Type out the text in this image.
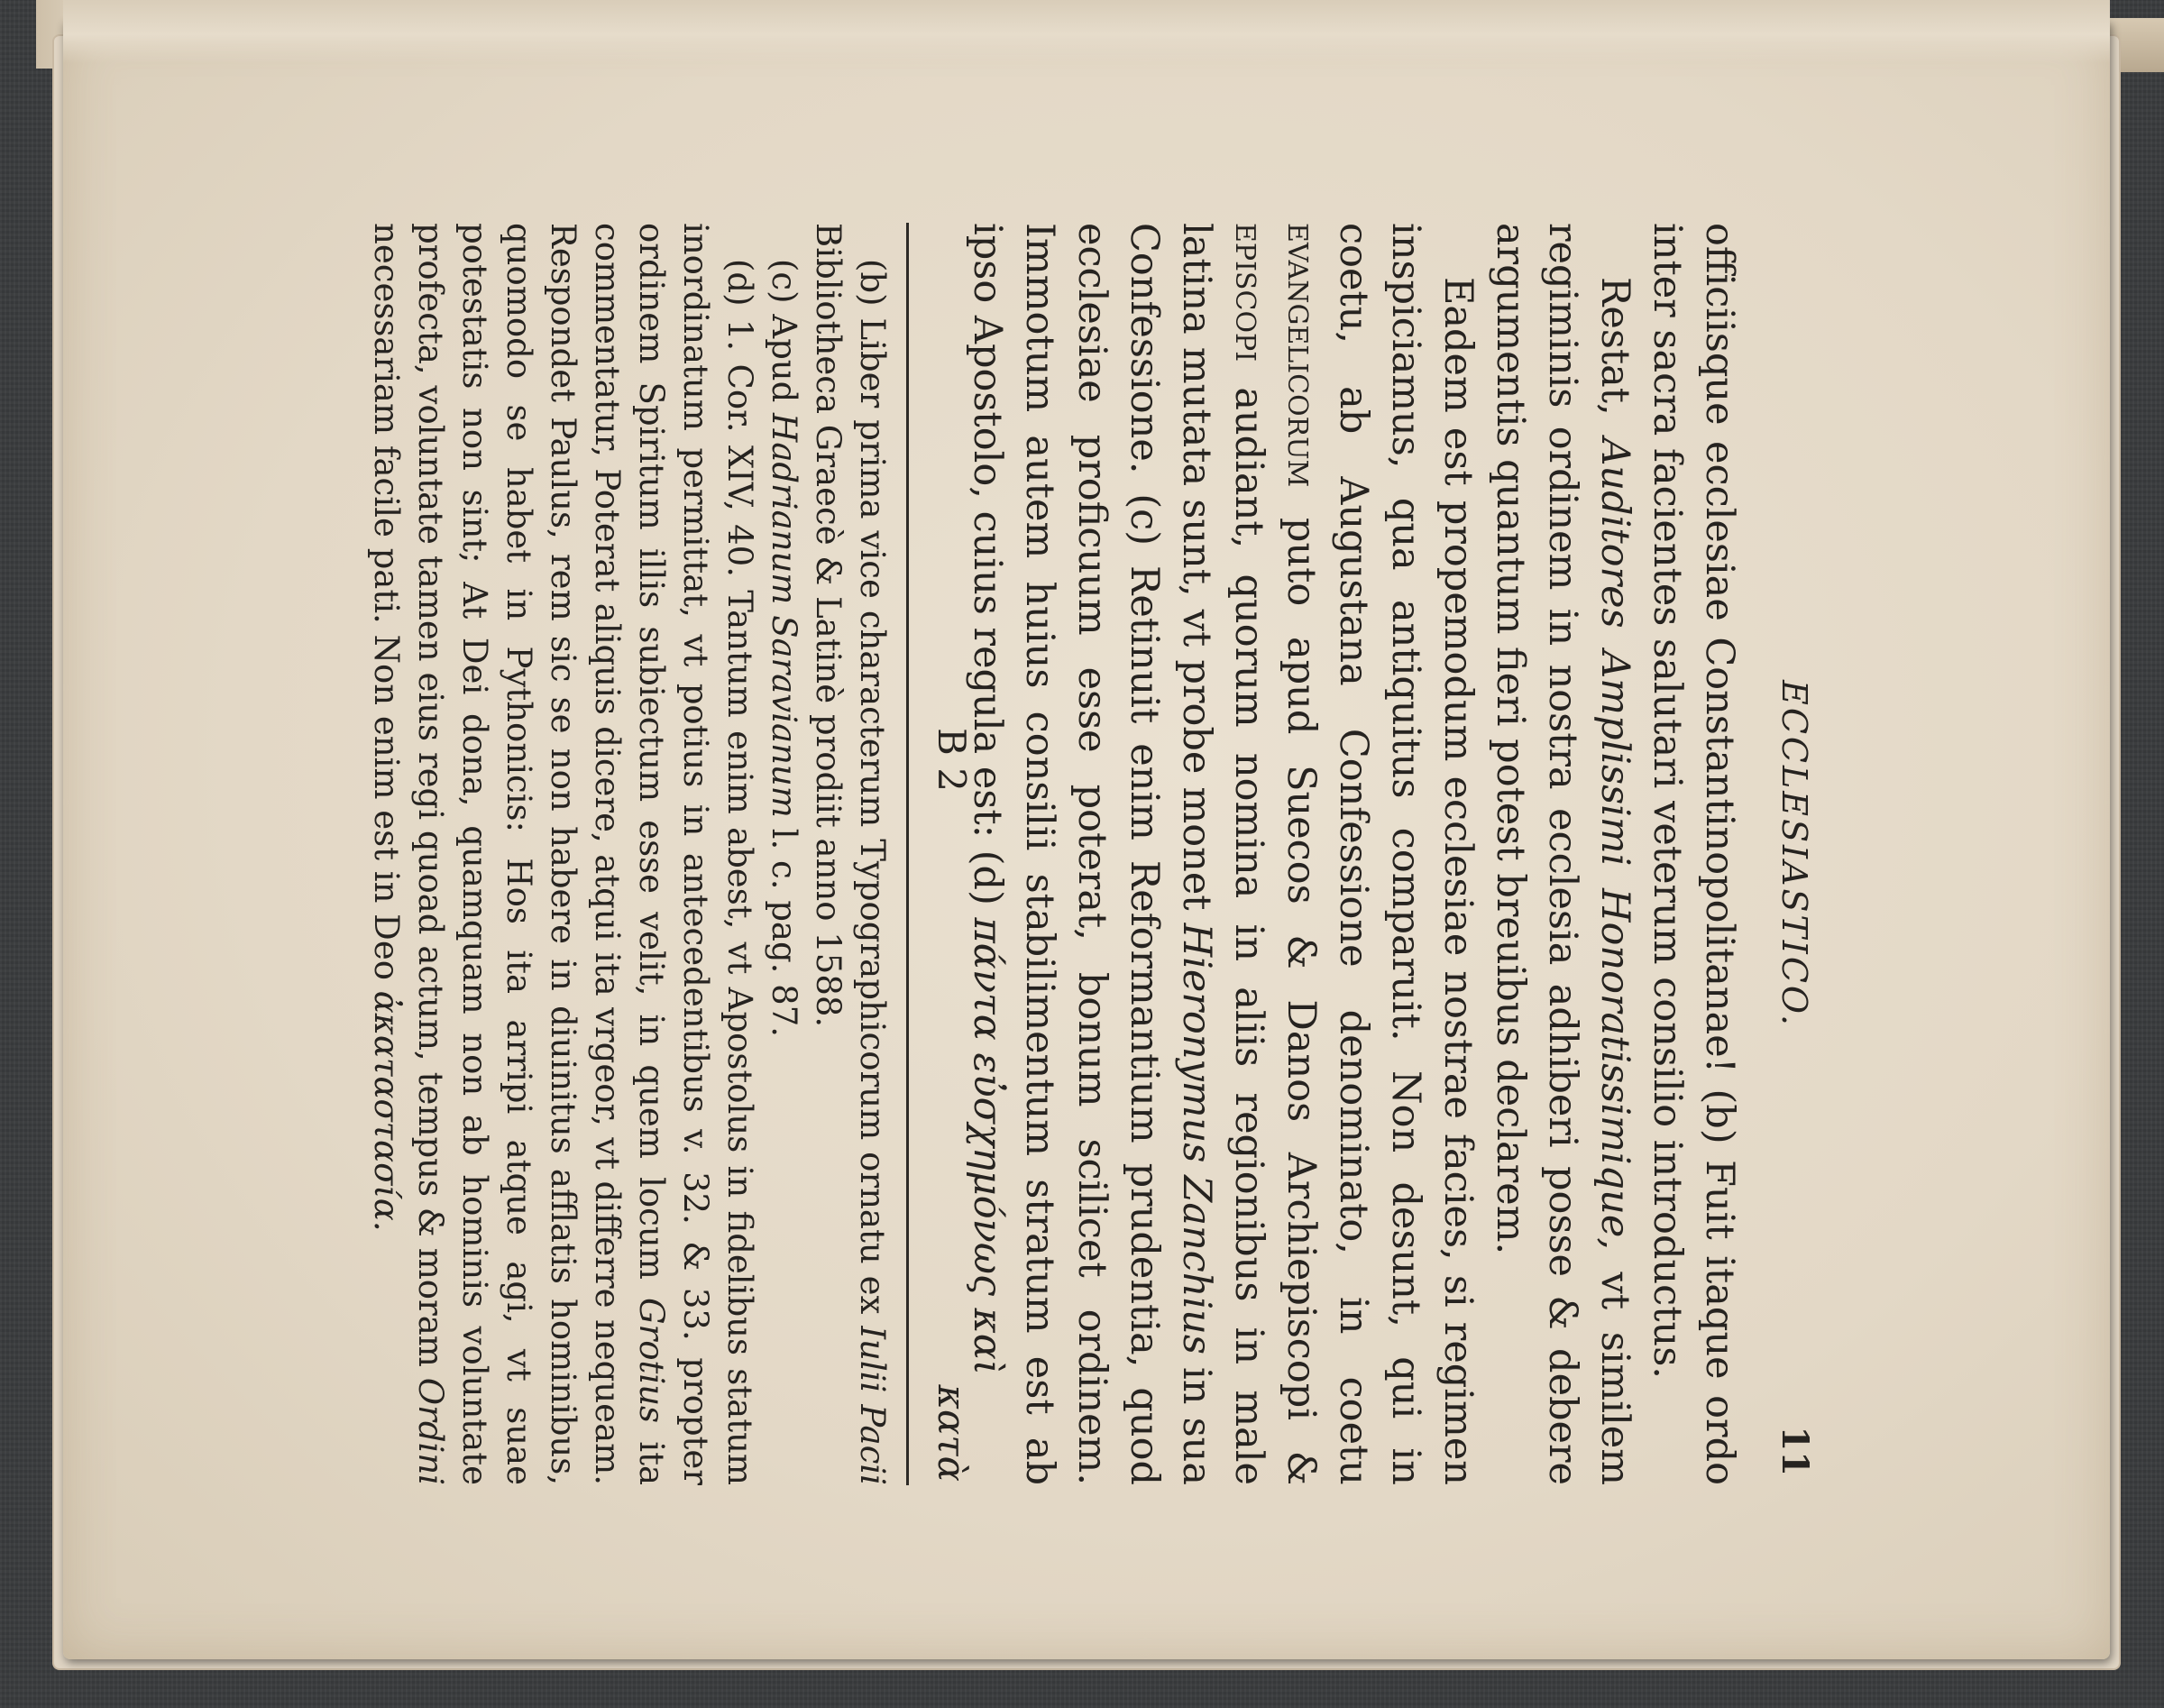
ECCLESIASTICO.
11

officiisque ecclesiae Constantinopolitanae! (b) Fuit itaque ordo inter sacra facientes salutari veterum consilio introductus.

Restat, Auditores Amplissimi Honoratissimique, vt similem regiminis ordinem in nostra ecclesia adhiberi posse & debere argumentis quantum fieri potest breuibus declarem.

Eadem est propemodum ecclesiae nostrae facies, si regimen inspiciamus, qua antiquitus comparuit. Non desunt, qui in coetu, ab Augustana Confessione denominato, in coetu evangelicorum puto apud Suecos & Danos Archiepiscopi & episcopi audiant, quorum nomina in aliis regionibus in male latina mutata sunt, vt probe monet Hieronymus Zanchius in sua Confessione. (c) Retinuit enim Reformantium prudentia, quod ecclesiae proficuum esse poterat, bonum scilicet ordinem. Immotum autem huius consilii stabilimentum stratum est ab ipso Apostolo, cuius regula est: (d) πάντα εὐσχημόνως καὶ

B 2
κατὰ

(b) Liber prima vice characterum Typographicorum ornatu ex Iulii Pacii Bibliotheca Graecè & Latinè prodiit anno 1588.

(c) Apud Hadrianum Saravianum l. c. pag. 87.

(d) 1. Cor. XIV, 40. Tantum enim abest, vt Apostolus in fidelibus statum inordinatum permittat, vt potius in antecedentibus v. 32. & 33. propter ordinem Spiritum illis subiectum esse velit, in quem locum Grotius ita commentatur, Poterat aliquis dicere, atqui ita vrgeor, vt differre nequeam. Respondet Paulus, rem sic se non habere in diuinitus afflatis hominibus, quomodo se habet in Pythonicis: Hos ita arripi atque agi, vt suae potestatis non sint; At Dei dona, quamquam non ab hominis voluntate profecta, voluntate tamen eius regi quoad actum, tempus & moram Ordini necessariam facile pati. Non enim est in Deo ἀκαταστασία.
